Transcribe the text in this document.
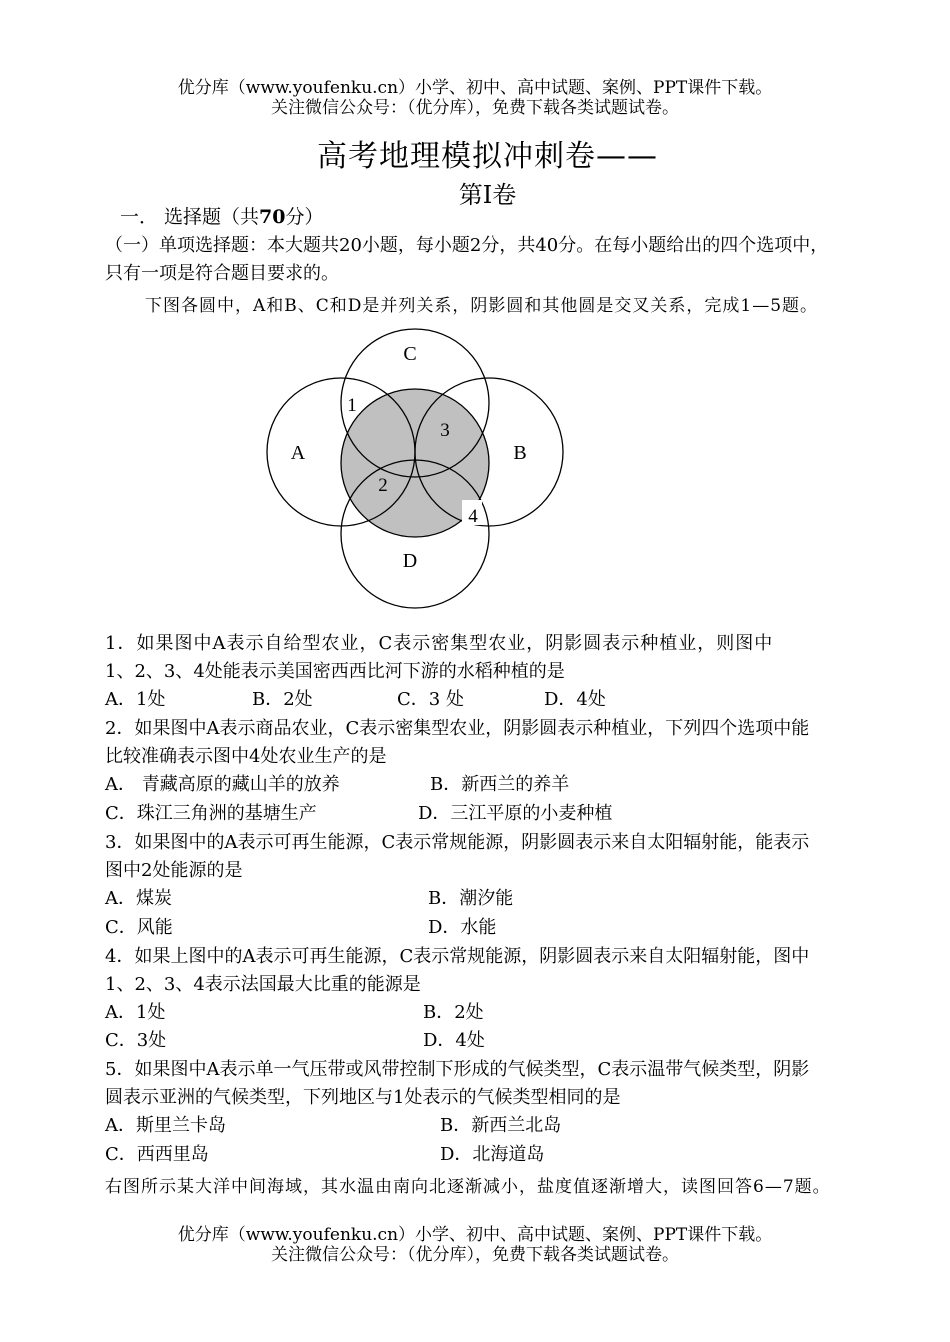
优分库（www.youfenku.cn）小学、初中、高中试题、案例、PPT课件下载。
关注微信公众号：（优分库），免费下载各类试题试卷。
高考地理模拟冲刺卷——
第Ⅰ卷
一． 选择题（共70分）
（一）单项选择题：本大题共20小题，每小题2分，共40分。在每小题给出的四个选项中，
只有一项是符合题目要求的。
下图各圆中，A和B、C和D是并列关系，阴影圆和其他圆是交叉关系，完成1—5题。
A	B
C
D
1
2
3
4
1．如果图中A表示自给型农业，C表示密集型农业，阴影圆表示种植业，则图中
1、2、3、4处能表示美国密西西比河下游的水稻种植的是
A．1处	B．2处	C．3 处	D．4处
2．如果图中A表示商品农业，C表示密集型农业，阴影圆表示种植业，下列四个选项中能
比较准确表示图中4处农业生产的是
A． 青藏高原的藏山羊的放养	B．新西兰的养羊
C．珠江三角洲的基塘生产	D．三江平原的小麦种植
3．如果图中的A表示可再生能源，C表示常规能源，阴影圆表示来自太阳辐射能，能表示
图中2处能源的是
A．煤炭	B．潮汐能
C．风能	D．水能
4．如果上图中的A表示可再生能源，C表示常规能源，阴影圆表示来自太阳辐射能，图中
1、2、3、4表示法国最大比重的能源是
A．1处	B．2处
C．3处	D．4处
5．如果图中A表示单一气压带或风带控制下形成的气候类型，C表示温带气候类型，阴影
圆表示亚洲的气候类型，下列地区与1处表示的气候类型相同的是
A．斯里兰卡岛	B．新西兰北岛
C．西西里岛	D．北海道岛
右图所示某大洋中间海域，其水温由南向北逐渐减小，盐度值逐渐增大，读图回答6—7题。
优分库（www.youfenku.cn）小学、初中、高中试题、案例、PPT课件下载。
关注微信公众号：（优分库），免费下载各类试题试卷。
